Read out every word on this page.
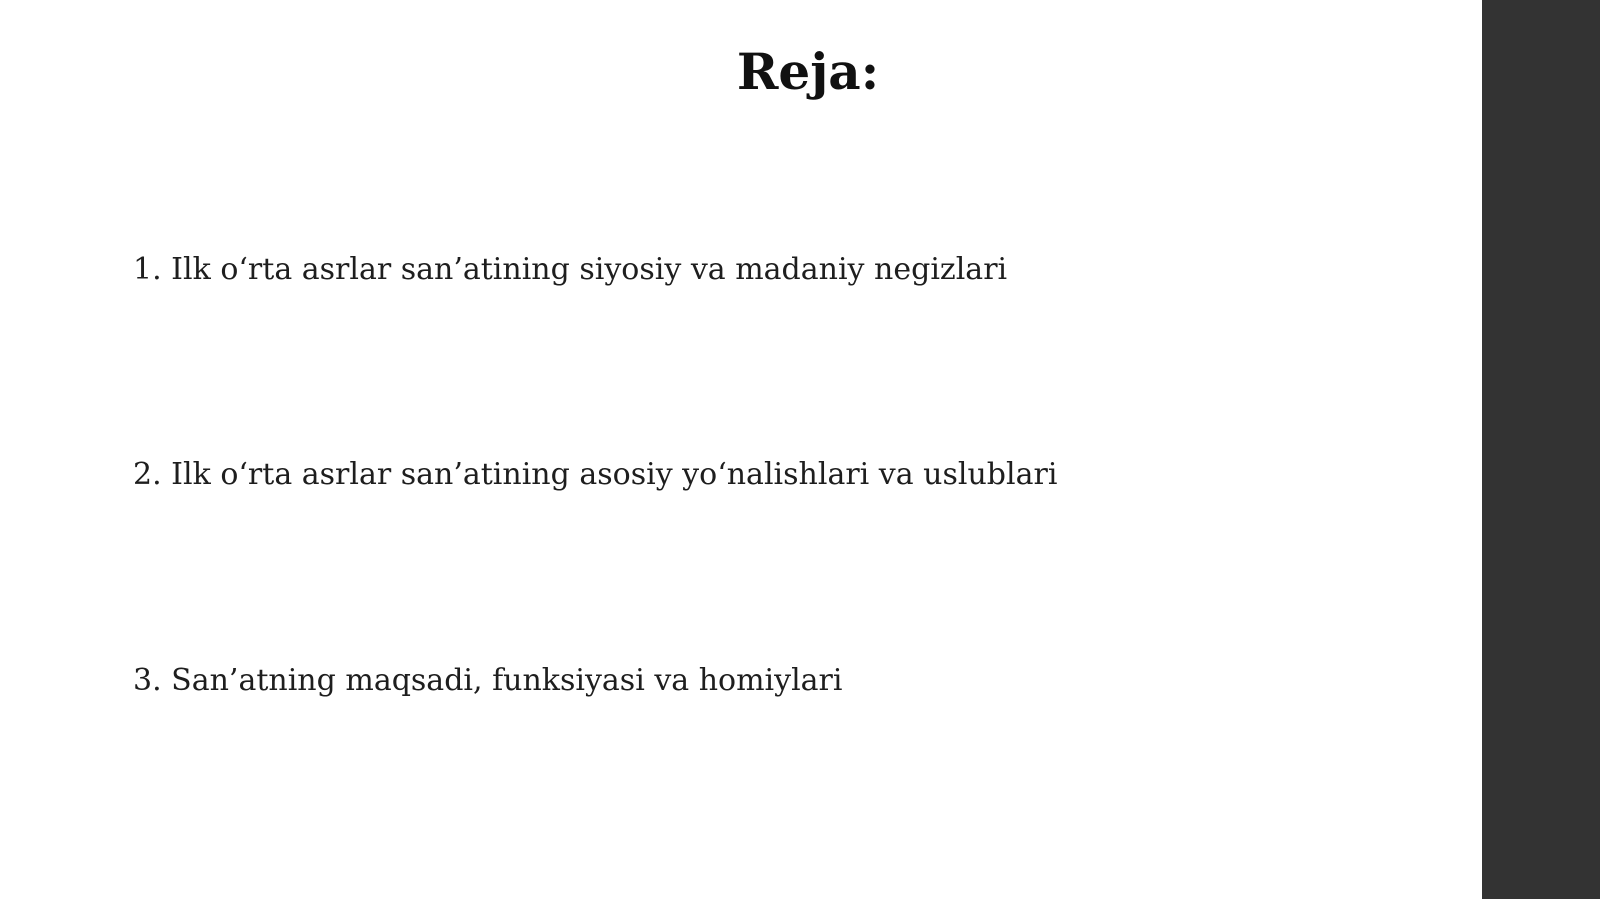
Reja:
1. Ilk o‘rta asrlar san’atining siyosiy va madaniy negizlari
2. Ilk o‘rta asrlar san’atining asosiy yo‘nalishlari va uslublari
3. San’atning maqsadi, funksiyasi va homiylari
